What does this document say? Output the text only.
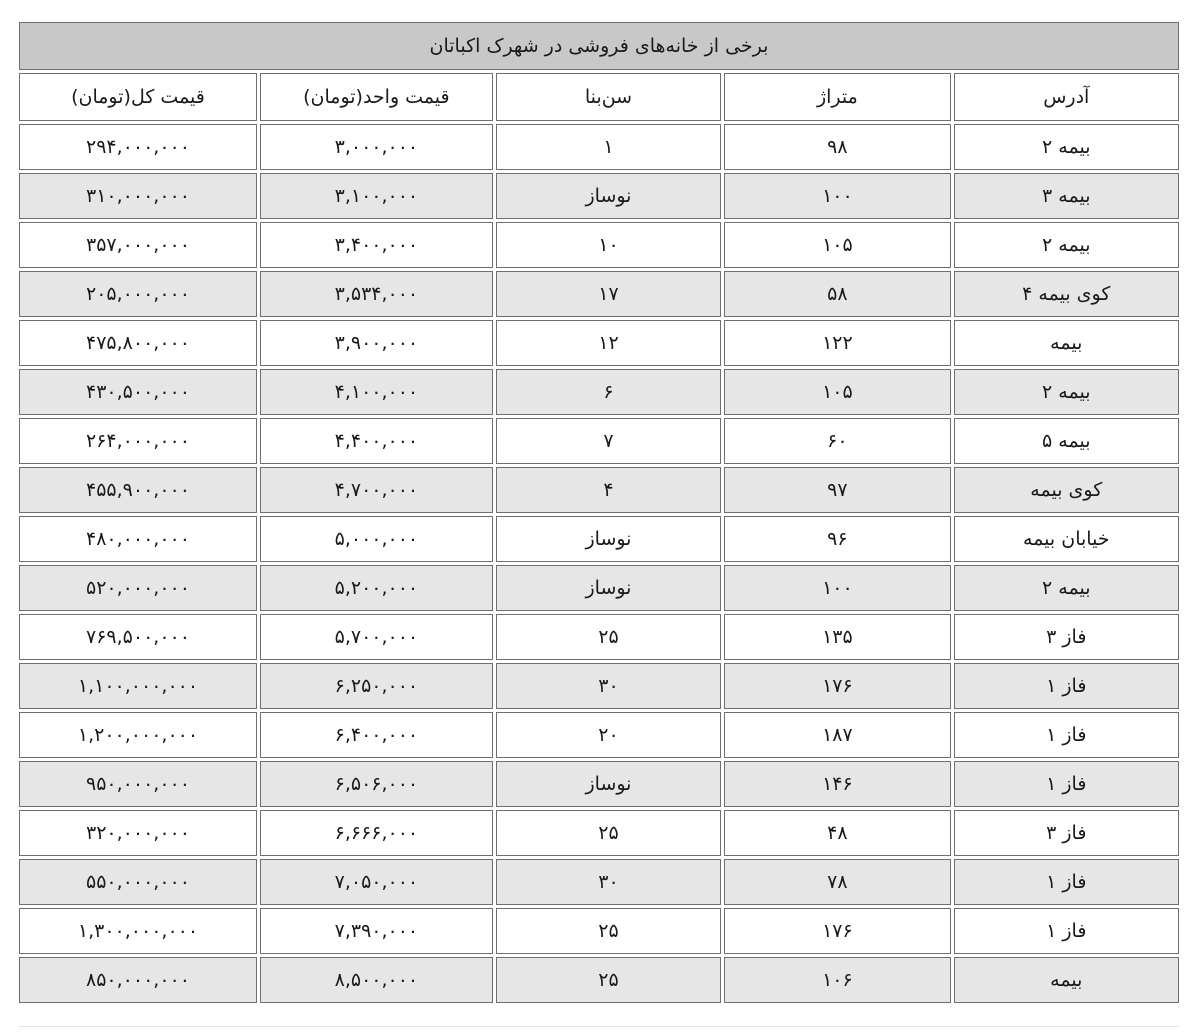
برخی از خانه‌های فروشی در شهرک اکباتان				
آدرس	متراژ	سن‌بنا	قیمت واحد(تومان)	قیمت کل(تومان)
بیمه ۲	۹۸	۱	۳,۰۰۰,۰۰۰	۲۹۴,۰۰۰,۰۰۰
بیمه ۳	۱۰۰	نوساز	۳,۱۰۰,۰۰۰	۳۱۰,۰۰۰,۰۰۰
بیمه ۲	۱۰۵	۱۰	۳,۴۰۰,۰۰۰	۳۵۷,۰۰۰,۰۰۰
کوی بیمه ۴	۵۸	۱۷	۳,۵۳۴,۰۰۰	۲۰۵,۰۰۰,۰۰۰
بیمه	۱۲۲	۱۲	۳,۹۰۰,۰۰۰	۴۷۵,۸۰۰,۰۰۰
بیمه ۲	۱۰۵	۶	۴,۱۰۰,۰۰۰	۴۳۰,۵۰۰,۰۰۰
بیمه ۵	۶۰	۷	۴,۴۰۰,۰۰۰	۲۶۴,۰۰۰,۰۰۰
کوی بیمه	۹۷	۴	۴,۷۰۰,۰۰۰	۴۵۵,۹۰۰,۰۰۰
خیابان بیمه	۹۶	نوساز	۵,۰۰۰,۰۰۰	۴۸۰,۰۰۰,۰۰۰
بیمه ۲	۱۰۰	نوساز	۵,۲۰۰,۰۰۰	۵۲۰,۰۰۰,۰۰۰
فاز ۳	۱۳۵	۲۵	۵,۷۰۰,۰۰۰	۷۶۹,۵۰۰,۰۰۰
فاز ۱	۱۷۶	۳۰	۶,۲۵۰,۰۰۰	۱,۱۰۰,۰۰۰,۰۰۰
فاز ۱	۱۸۷	۲۰	۶,۴۰۰,۰۰۰	۱,۲۰۰,۰۰۰,۰۰۰
فاز ۱	۱۴۶	نوساز	۶,۵۰۶,۰۰۰	۹۵۰,۰۰۰,۰۰۰
فاز ۳	۴۸	۲۵	۶,۶۶۶,۰۰۰	۳۲۰,۰۰۰,۰۰۰
فاز ۱	۷۸	۳۰	۷,۰۵۰,۰۰۰	۵۵۰,۰۰۰,۰۰۰
فاز ۱	۱۷۶	۲۵	۷,۳۹۰,۰۰۰	۱,۳۰۰,۰۰۰,۰۰۰
بیمه	۱۰۶	۲۵	۸,۵۰۰,۰۰۰	۸۵۰,۰۰۰,۰۰۰
